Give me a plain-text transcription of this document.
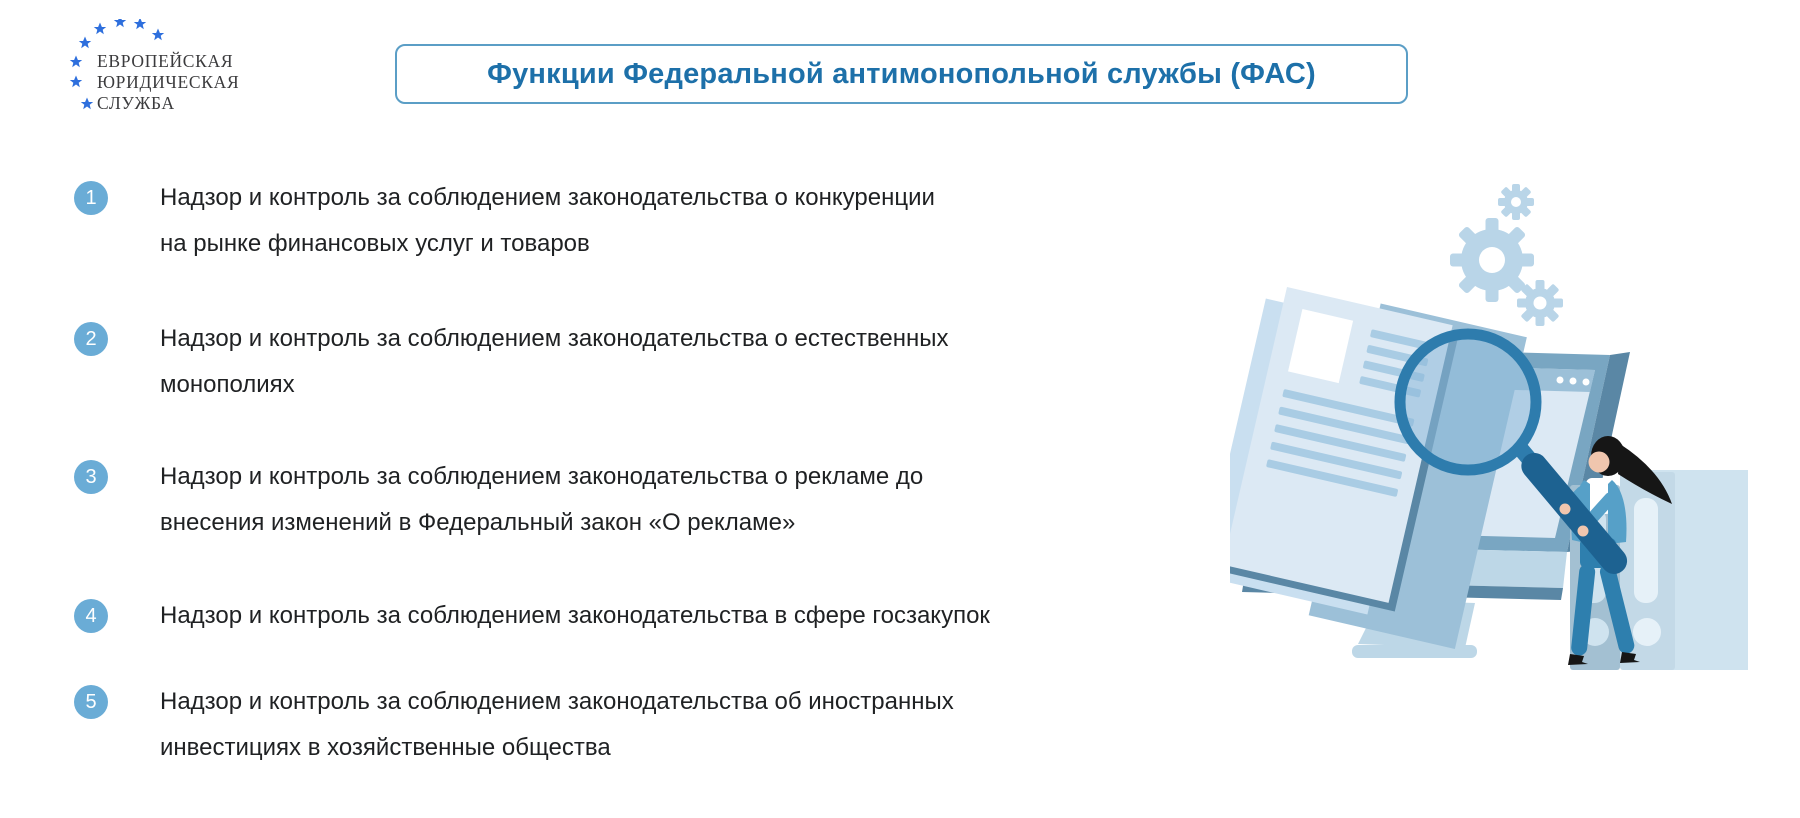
ЕВРОПЕЙСКАЯ
ЮРИДИЧЕСКАЯ
СЛУЖБА
Функции Федеральной антимонопольной службы (ФАС)
1	Надзор и контроль за соблюдением законодательства о конкуренции
на рынке финансовых услуг и товаров
2	Надзор и контроль за соблюдением законодательства о естественных
монополиях
3	Надзор и контроль за соблюдением законодательства о рекламе до
внесения изменений в Федеральный закон «О рекламе»
4	Надзор и контроль за соблюдением законодательства в сфере госзакупок
5	Надзор и контроль за соблюдением законодательства об иностранных
инвестициях в хозяйственные общества
